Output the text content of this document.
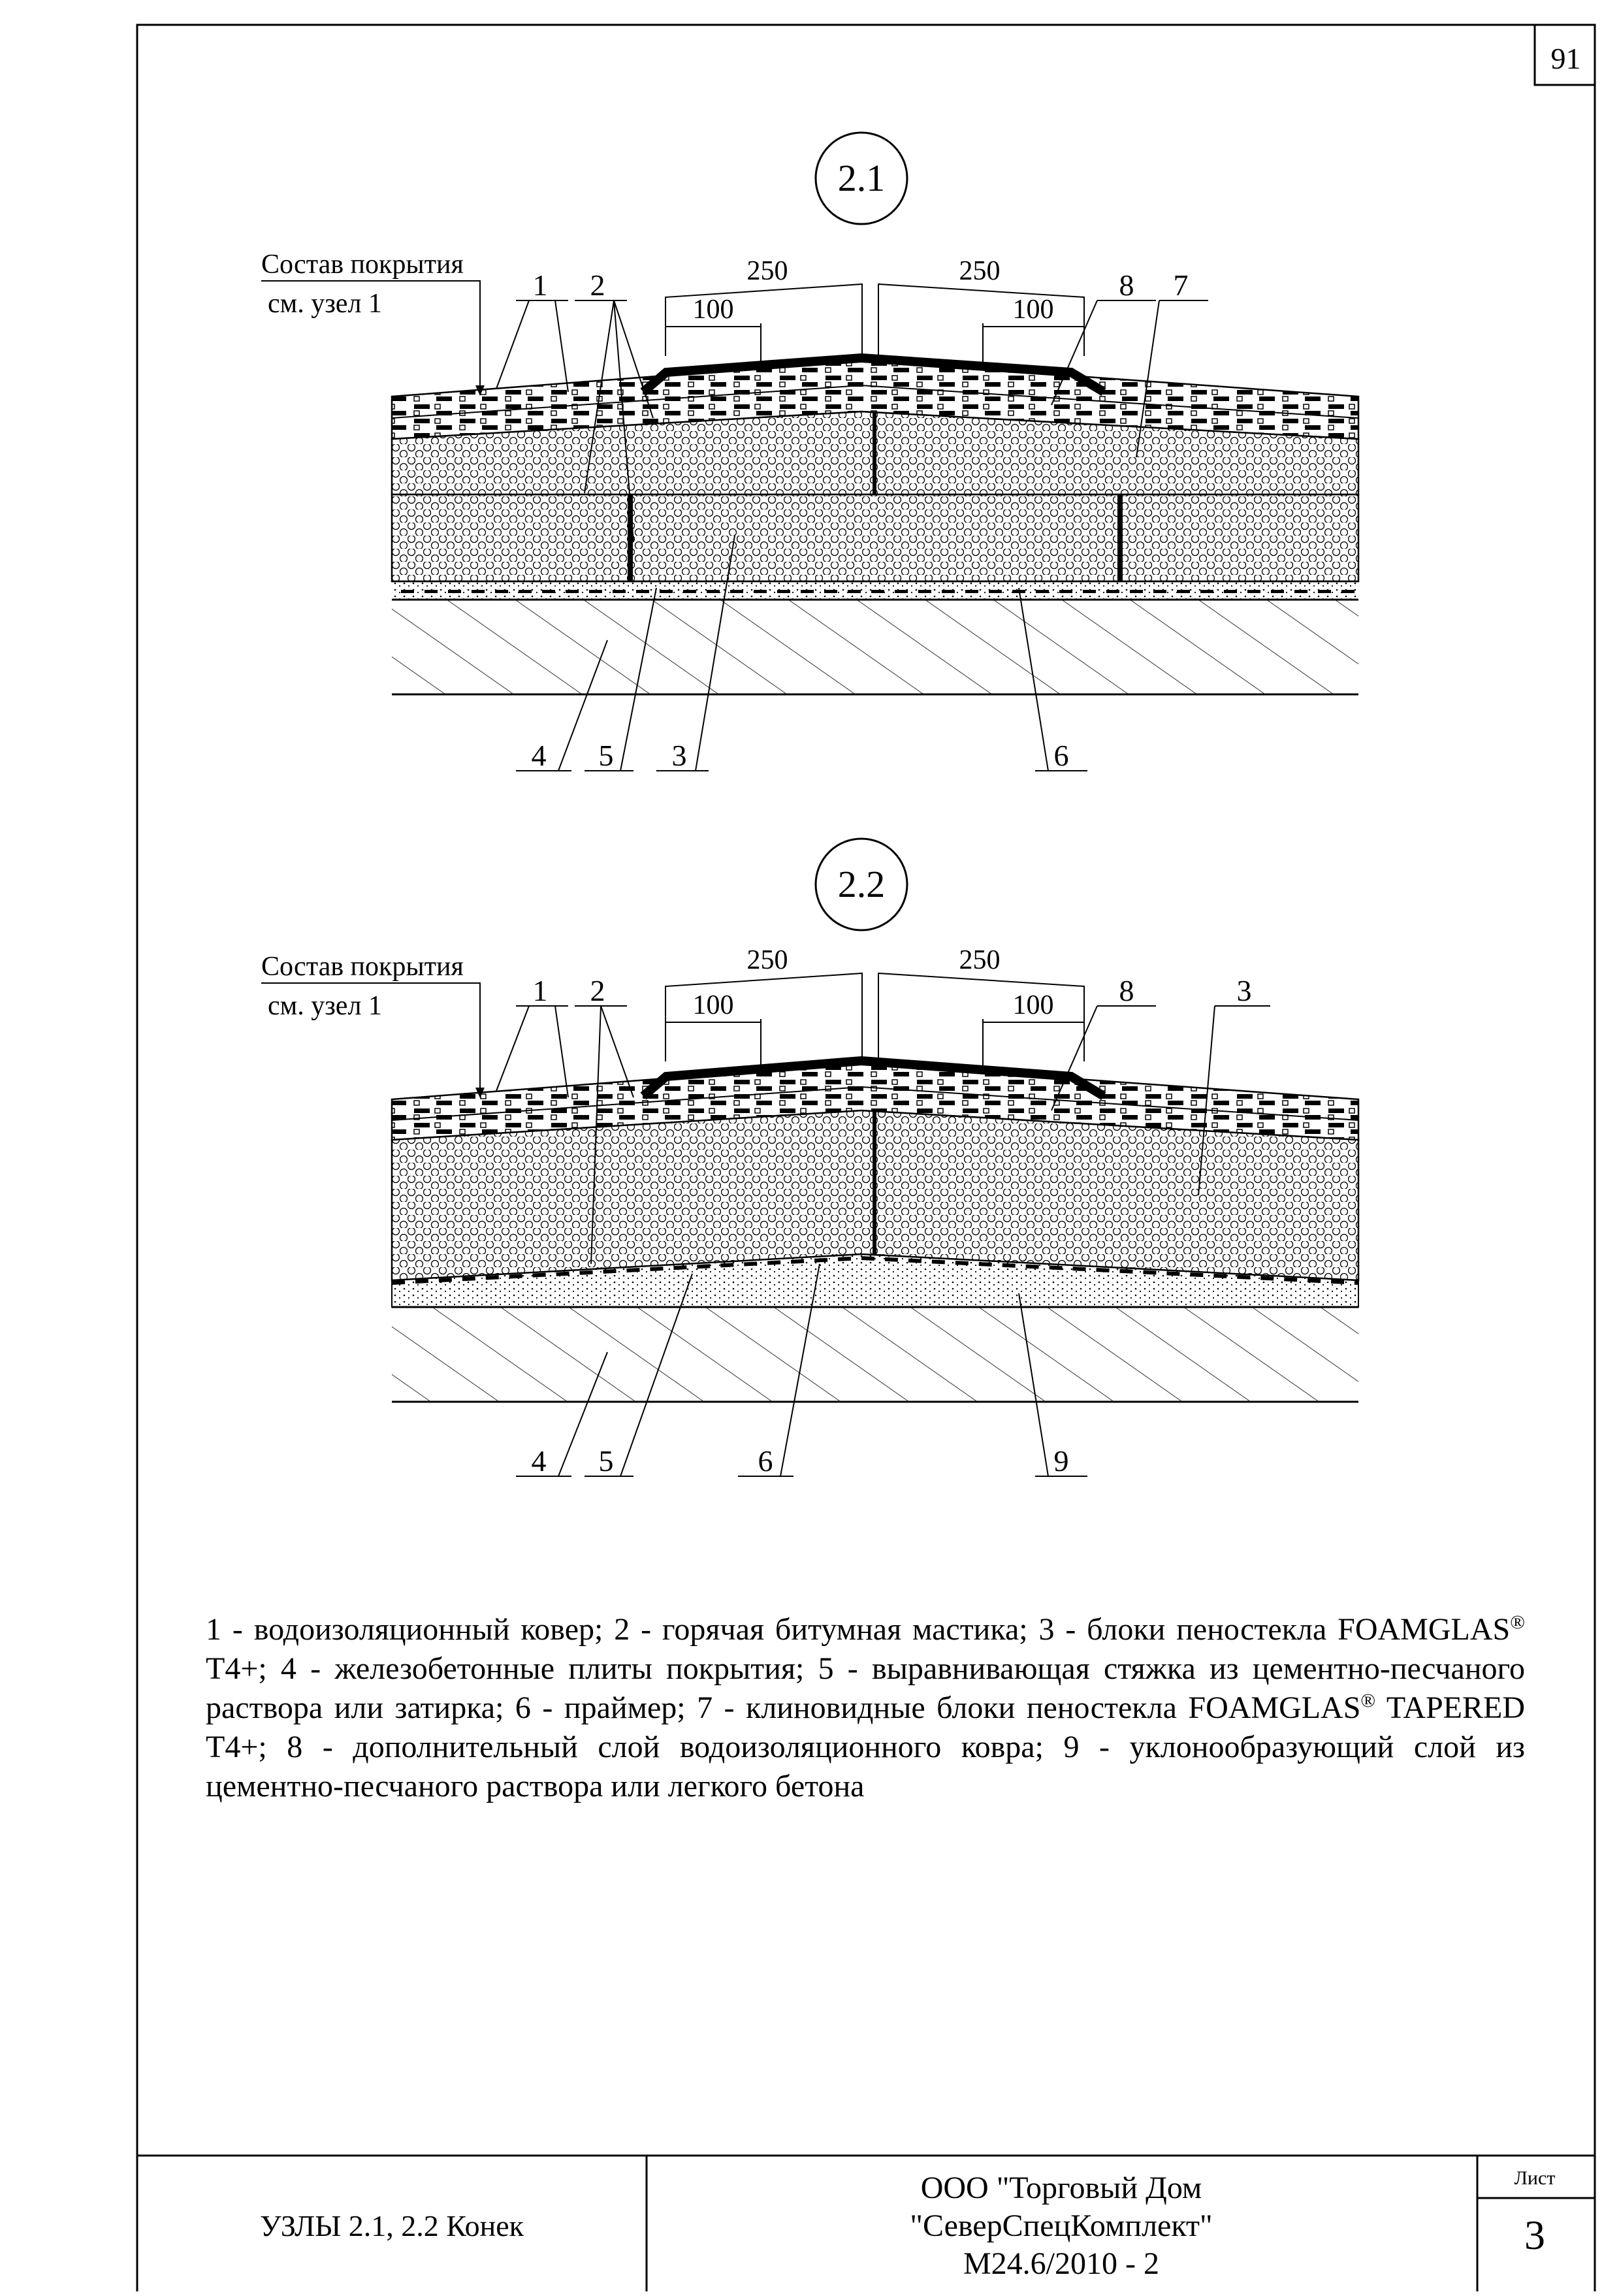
2.1
Состав покрытия
см. узел 1
250	250
100	100
1 2	8 7
4 5 3	6
2.2
Состав покрытия
см. узел 1
250	250
100	100
1 2	8	3
4 5	6	9
91
1 - водоизоляционный ковер; 2 - горячая битумная мастика; 3 - блоки пеностекла FOAMGLAS® T4+; 4 - железобетонные плиты покрытия; 5 - выравнивающая стяжка из цементно-песчаного раствора или затирка; 6 - праймер; 7 - клиновидные блоки пеностекла FOAMGLAS® TAPERED T4+; 8 - дополнительный слой водоизоляционного ковра; 9 - уклонообразующий слой из цементно-песчаного раствора или легкого бетона
УЗЛЫ 2.1, 2.2 Конек
ООО "Торговый Дом
"СеверСпецКомплект"
М24.6/2010 - 2
Лист
3
